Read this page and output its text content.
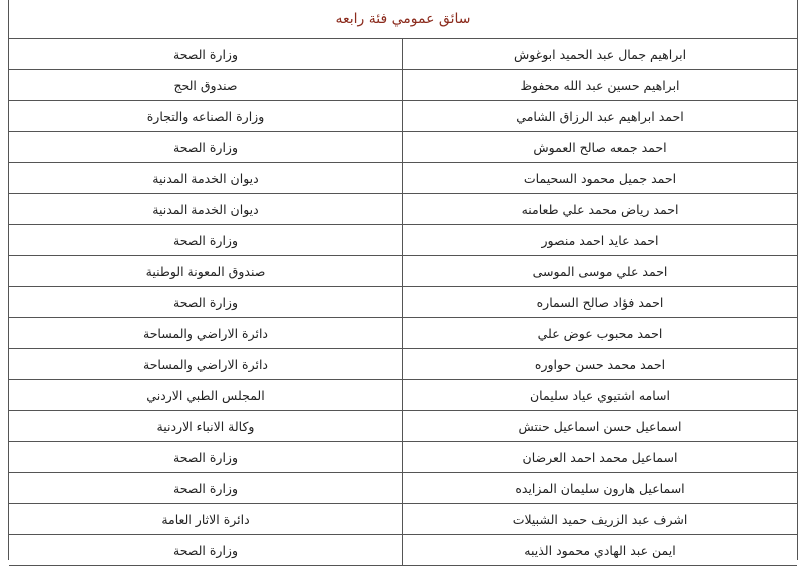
سائق عمومي فئة رابعه
ابراهيم جمال عبد الحميد ابوغوش	وزارة الصحة
ابراهيم حسين عبد الله محفوظ	صندوق الحج
احمد ابراهيم عبد الرزاق الشامي	وزارة الصناعه والتجارة
احمد جمعه صالح العموش	وزارة الصحة
احمد جميل محمود السحيمات	ديوان الخدمة المدنية
احمد رياض محمد علي طعامنه	ديوان الخدمة المدنية
احمد عايد احمد منصور	وزارة الصحة
احمد علي موسى الموسى	صندوق المعونة الوطنية
احمد فؤاد صالح السماره	وزارة الصحة
احمد محبوب عوض علي	دائرة الاراضي والمساحة
احمد محمد حسن حواوره	دائرة الاراضي والمساحة
اسامه اشتيوي عياد سليمان	المجلس الطبي الاردني
اسماعيل حسن اسماعيل حنتش	وكالة الانباء الاردنية
اسماعيل محمد احمد العرضان	وزارة الصحة
اسماعيل هارون سليمان المزايده	وزارة الصحة
اشرف عبد الزريف حميد الشبيلات	دائرة الاثار العامة
ايمن عبد الهادي محمود الذيبه	وزارة الصحة
